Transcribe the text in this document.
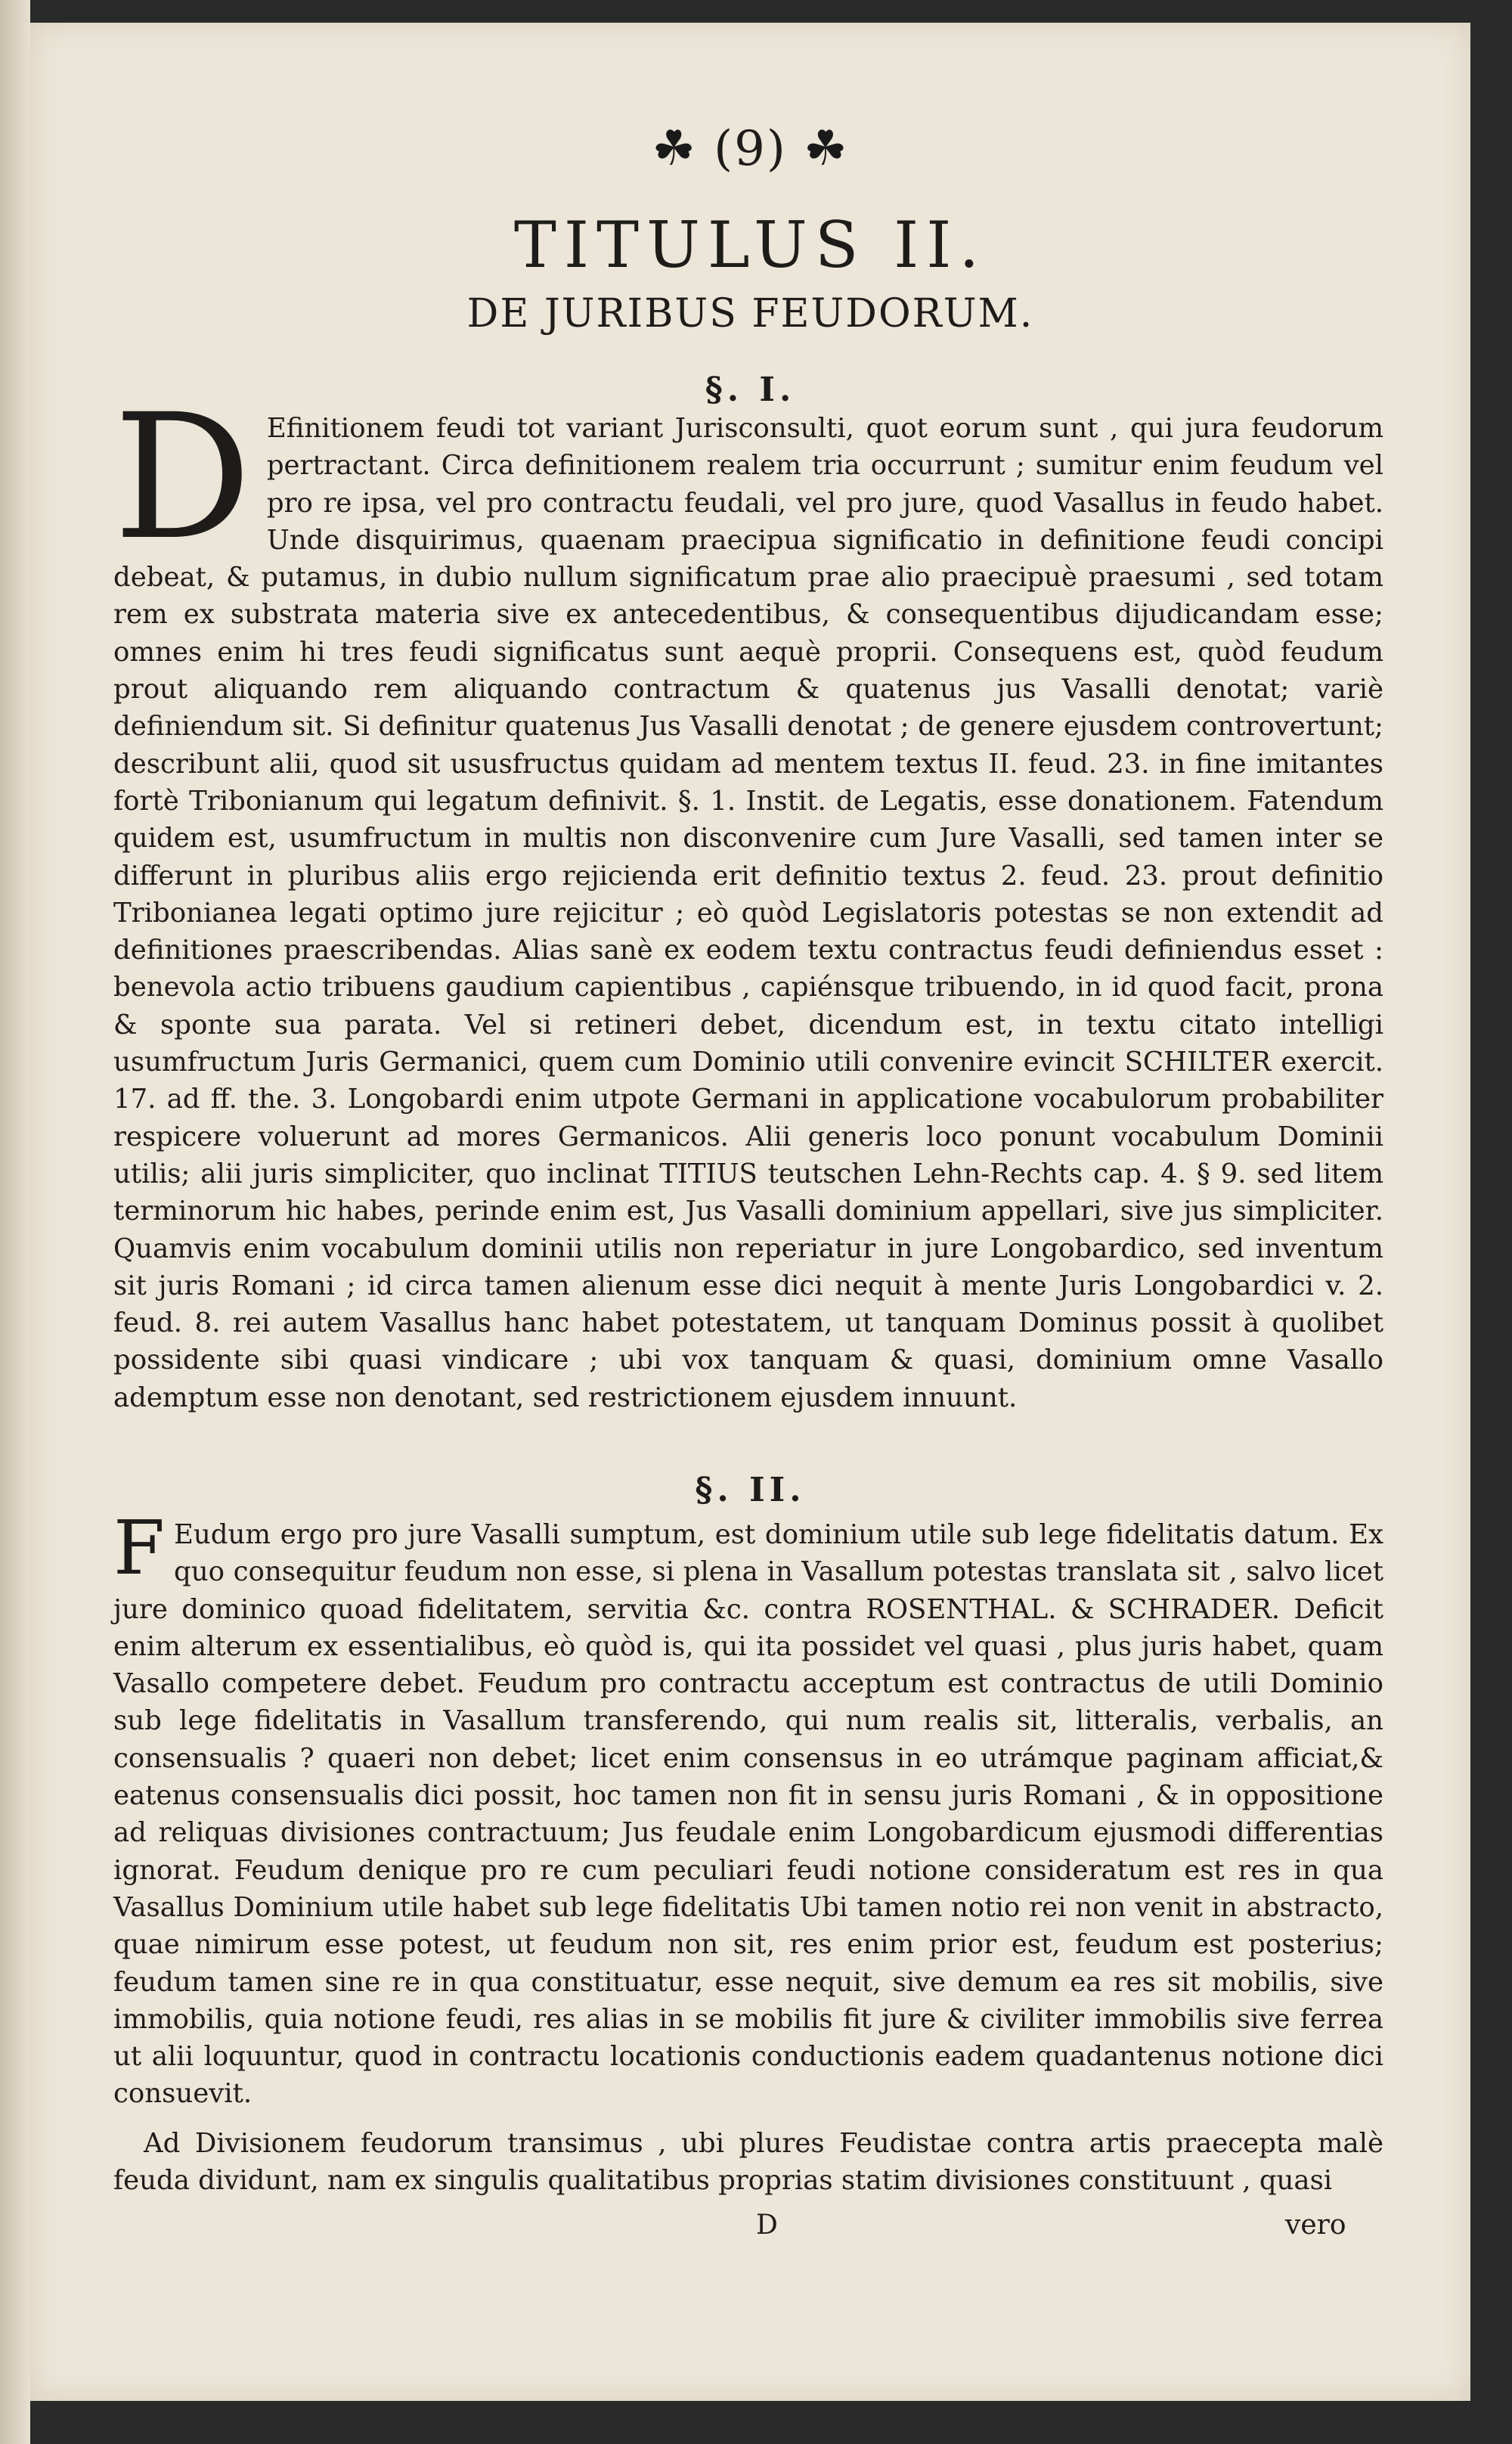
☘ (9) ☘
TITULUS II.
DE JURIBUS FEUDORUM.
§. I.
D Efinitionem feudi tot variant Jurisconsulti, quot eorum sunt , qui jura feudorum pertractant. Circa definitionem realem tria occurrunt ; sumitur enim feudum vel pro re ipsa, vel pro contractu feudali, vel pro jure, quod Vasallus in feudo habet. Unde disquirimus, quaenam praecipua significatio in definitione feudi concipi debeat, & putamus, in dubio nullum significatum prae alio praecipuè praesumi , sed totam rem ex substrata materia sive ex antecedentibus, & consequentibus dijudicandam esse; omnes enim hi tres feudi significatus sunt aequè proprii. Consequens est, quòd feudum prout aliquando rem aliquando contractum & quatenus jus Vasalli denotat; variè definiendum sit. Si definitur quatenus Jus Vasalli denotat ; de genere ejusdem controvertunt; describunt alii, quod sit ususfructus quidam ad mentem textus II. feud. 23. in fine imitantes fortè Tribonianum qui legatum definivit. §. 1. Instit. de Legatis, esse donationem. Fatendum quidem est, usumfructum in multis non disconvenire cum Jure Vasalli, sed tamen inter se differunt in pluribus aliis ergo rejicienda erit definitio textus 2. feud. 23. prout definitio Tribonianea legati optimo jure rejicitur ; eò quòd Legislatoris potestas se non extendit ad definitiones praescribendas. Alias sanè ex eodem textu contractus feudi definiendus esset : benevola actio tribuens gaudium capientibus , capiénsque tribuendo, in id quod facit, prona & sponte sua parata. Vel si retineri debet, dicendum est, in textu citato intelligi usumfructum Juris Germanici, quem cum Dominio utili convenire evincit SCHILTER exercit. 17. ad ff. the. 3. Longobardi enim utpote Germani in applicatione vocabulorum probabiliter respicere voluerunt ad mores Germanicos. Alii generis loco ponunt vocabulum Dominii utilis; alii juris simpliciter, quo inclinat TITIUS teutschen Lehn-Rechts cap. 4. § 9. sed litem terminorum hic habes, perinde enim est, Jus Vasalli dominium appellari, sive jus simpliciter. Quamvis enim vocabulum dominii utilis non reperiatur in jure Longobardico, sed inventum sit juris Romani ; id circa tamen alienum esse dici nequit à mente Juris Longobardici v. 2. feud. 8. rei autem Vasallus hanc habet potestatem, ut tanquam Dominus possit à quolibet possidente sibi quasi vindicare ; ubi vox tanquam & quasi, dominium omne Vasallo ademptum esse non denotant, sed restrictionem ejusdem innuunt.
§. II.
F Eudum ergo pro jure Vasalli sumptum, est dominium utile sub lege fidelitatis datum. Ex quo consequitur feudum non esse, si plena in Vasallum potestas translata sit , salvo licet jure dominico quoad fidelitatem, servitia &c. contra ROSENTHAL. & SCHRADER. Deficit enim alterum ex essentialibus, eò quòd is, qui ita possidet vel quasi , plus juris habet, quam Vasallo competere debet. Feudum pro contractu acceptum est contractus de utili Dominio sub lege fidelitatis in Vasallum transferendo, qui num realis sit, litteralis, verbalis, an consensualis ? quaeri non debet; licet enim consensus in eo utrámque paginam afficiat,& eatenus consensualis dici possit, hoc tamen non fit in sensu juris Romani , & in oppositione ad reliquas divisiones contractuum; Jus feudale enim Longobardicum ejusmodi differentias ignorat. Feudum denique pro re cum peculiari feudi notione consideratum est res in qua Vasallus Dominium utile habet sub lege fidelitatis Ubi tamen notio rei non venit in abstracto, quae nimirum esse potest, ut feudum non sit, res enim prior est, feudum est posterius; feudum tamen sine re in qua constituatur, esse nequit, sive demum ea res sit mobilis, sive immobilis, quia notione feudi, res alias in se mobilis fit jure & civiliter immobilis sive ferrea ut alii loquuntur, quod in contractu locationis conductionis eadem quadantenus notione dici consuevit.
Ad Divisionem feudorum transimus , ubi plures Feudistae contra artis praecepta malè feuda dividunt, nam ex singulis qualitatibus proprias statim divisiones constituunt , quasi
D	vero
